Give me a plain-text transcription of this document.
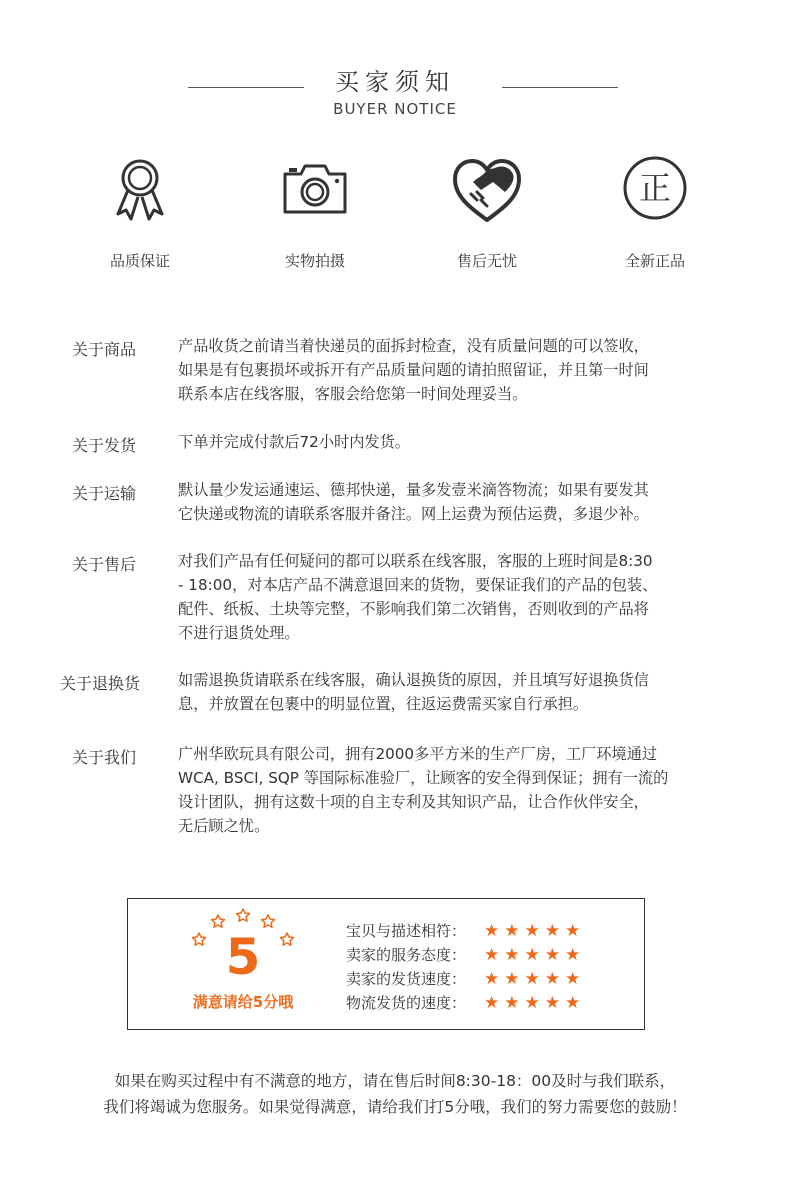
买家须知
BUYER NOTICE
品质保证	实物拍摄	售后无忧
正
全新正品
关于商品	产品收货之前请当着快递员的面拆封检查，没有质量问题的可以签收，
如果是有包裹损坏或拆开有产品质量问题的请拍照留证，并且第一时间
联系本店在线客服，客服会给您第一时间处理妥当。
关于发货	下单并完成付款后72小时内发货。
关于运输	默认量少发运通速运、德邦快递，量多发壹米滴答物流；如果有要发其
它快递或物流的请联系客服并备注。网上运费为预估运费，多退少补。
关于售后	对我们产品有任何疑问的都可以联系在线客服，客服的上班时间是8:30
- 18:00，对本店产品不满意退回来的货物，要保证我们的产品的包装、
配件、纸板、土块等完整，不影响我们第二次销售，否则收到的产品将
不进行退货处理。
关于退换货	如需退换货请联系在线客服，确认退换货的原因，并且填写好退换货信
息，并放置在包裹中的明显位置，往返运费需买家自行承担。
关于我们	广州华欧玩具有限公司，拥有2000多平方米的生产厂房，工厂环境通过
WCA, BSCI, SQP 等国际标准验厂，让顾客的安全得到保证；拥有一流的
设计团队，拥有这数十项的自主专利及其知识产品，让合作伙伴安全，
无后顾之忧。
5
满意请给5分哦
宝贝与描述相符： ★★★★★
卖家的服务态度： ★★★★★
卖家的发货速度： ★★★★★
物流发货的速度： ★★★★★
如果在购买过程中有不满意的地方，请在售后时间8:30-18：00及时与我们联系，
我们将竭诚为您服务。如果觉得满意，请给我们打5分哦，我们的努力需要您的鼓励！
